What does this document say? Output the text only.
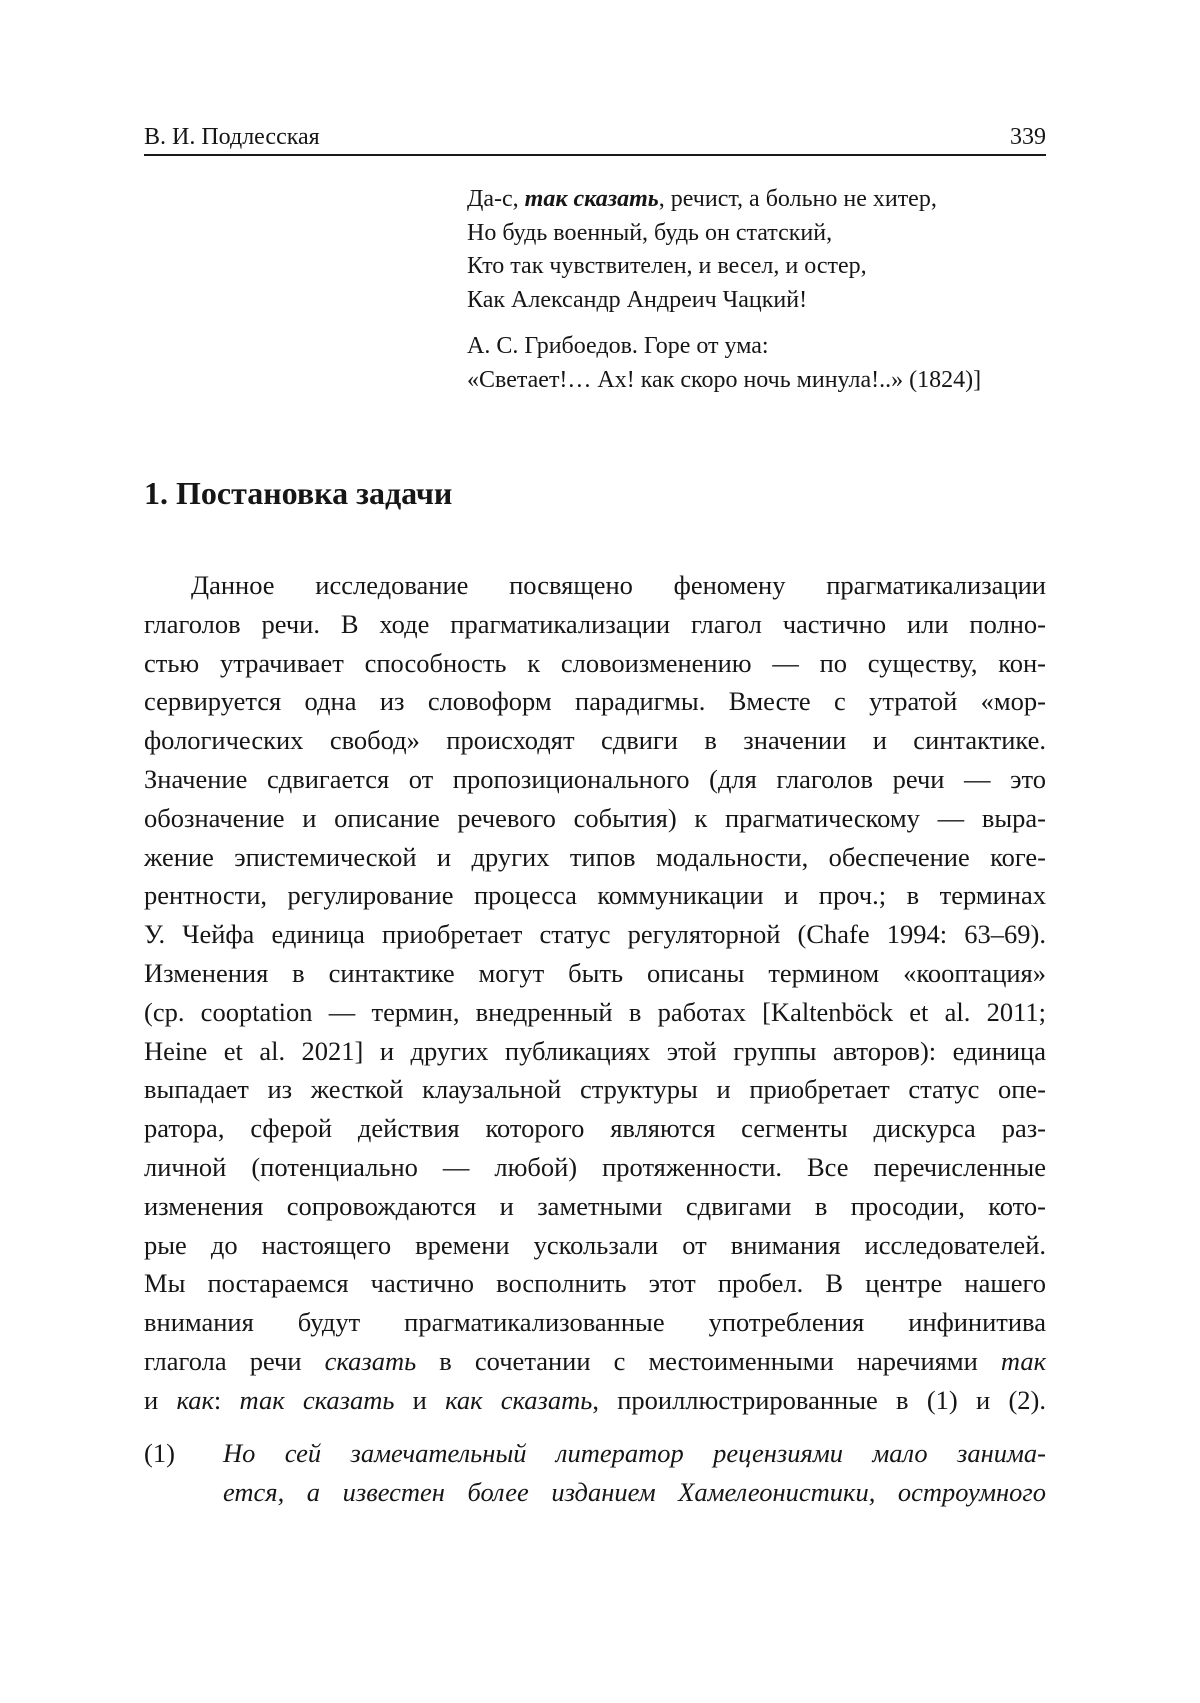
В. И. Подлесская	339
Да-с, так сказать, речист, а больно не хитер,
Но будь военный, будь он статский,
Кто так чувствителен, и весел, и остер,
Как Александр Андреич Чацкий!
А. С. Грибоедов. Горе от ума:
«Светает!… Ах! как скоро ночь минула!..» (1824)]
1. Постановка задачи
Данное исследование посвящено феномену прагматикализации
глаголов речи. В ходе прагматикализации глагол частично или полно-
стью утрачивает способность к словоизменению — по существу, кон-
сервируется одна из словоформ парадигмы. Вместе с утратой «мор-
фологических свобод» происходят сдвиги в значении и синтактике.
Значение сдвигается от пропозиционального (для глаголов речи — это
обозначение и описание речевого события) к прагматическому — выра-
жение эпистемической и других типов модальности, обеспечение коге-
рентности, регулирование процесса коммуникации и проч.; в терминах
У. Чейфа единица приобретает статус регуляторной (Chafe 1994: 63–69).
Изменения в синтактике могут быть описаны термином «кооптация»
(ср. cooptation — термин, внедренный в работах [Kaltenböck et al. 2011;
Heine et al. 2021] и других публикациях этой группы авторов): единица
выпадает из жесткой клаузальной структуры и приобретает статус опе-
ратора, сферой действия которого являются сегменты дискурса раз-
личной (потенциально — любой) протяженности. Все перечисленные
изменения сопровождаются и заметными сдвигами в просодии, кото-
рые до настоящего времени ускользали от внимания исследователей.
Мы постараемся частично восполнить этот пробел. В центре нашего
внимания будут прагматикализованные употребления инфинитива
глагола речи сказать в сочетании с местоименными наречиями так
и как: так сказать и как сказать, проиллюстрированные в (1) и (2).
(1) Но сей замечательный литератор рецензиями мало занима-
ется, а известен более изданием Хамелеонистики, остроумного
